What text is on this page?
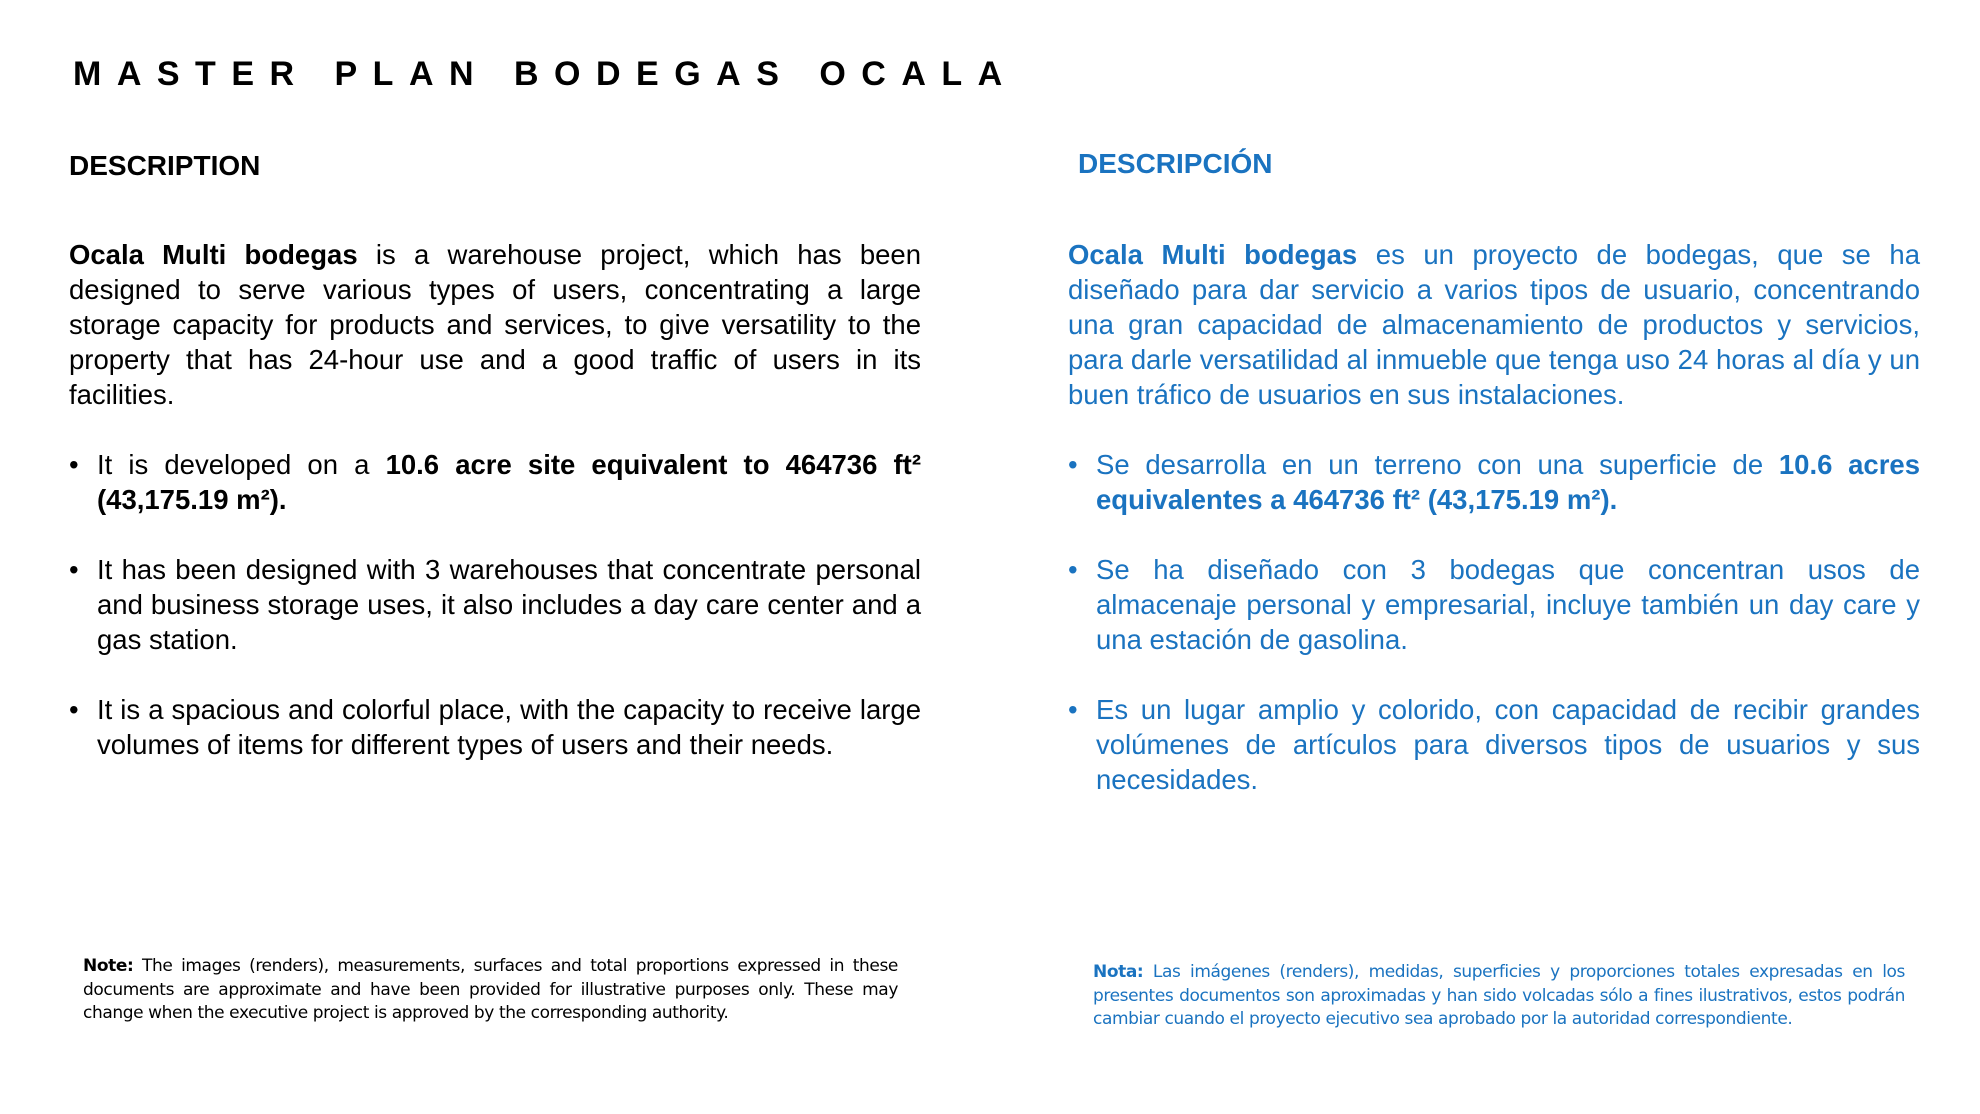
MASTER PLAN BODEGAS OCALA
DESCRIPTION

Ocala Multi bodegas is a warehouse project, which has been designed to serve various types of users, concentrating a large storage capacity for products and services, to give versatility to the property that has 24-hour use and a good traffic of users in its facilities.

• It is developed on a 10.6 acre site equivalent to 464736 ft² (43,175.19 m²).
• It has been designed with 3 warehouses that concentrate personal and business storage uses, it also includes a day care center and a gas station.
• It is a spacious and colorful place, with the capacity to receive large volumes of items for different types of users and their needs.
Note: The images (renders), measurements, surfaces and total proportions expressed in these documents are approximate and have been provided for illustrative purposes only. These may change when the executive project is approved by the corresponding authority.
DESCRIPCIÓN

Ocala Multi bodegas es un proyecto de bodegas, que se ha diseñado para dar servicio a varios tipos de usuario, concentrando una gran capacidad de almacenamiento de productos y servicios, para darle versatilidad al inmueble que tenga uso 24 horas al día y un buen tráfico de usuarios en sus instalaciones.

• Se desarrolla en un terreno con una superficie de 10.6 acres equivalentes a 464736 ft² (43,175.19 m²).
• Se ha diseñado con 3 bodegas que concentran usos de almacenaje personal y empresarial, incluye también un day care y una estación de gasolina.
• Es un lugar amplio y colorido, con capacidad de recibir grandes volúmenes de artículos para diversos tipos de usuarios y sus necesidades.
Nota: Las imágenes (renders), medidas, superficies y proporciones totales expresadas en los presentes documentos son aproximadas y han sido volcadas sólo a fines ilustrativos, estos podrán cambiar cuando el proyecto ejecutivo sea aprobado por la autoridad correspondiente.
